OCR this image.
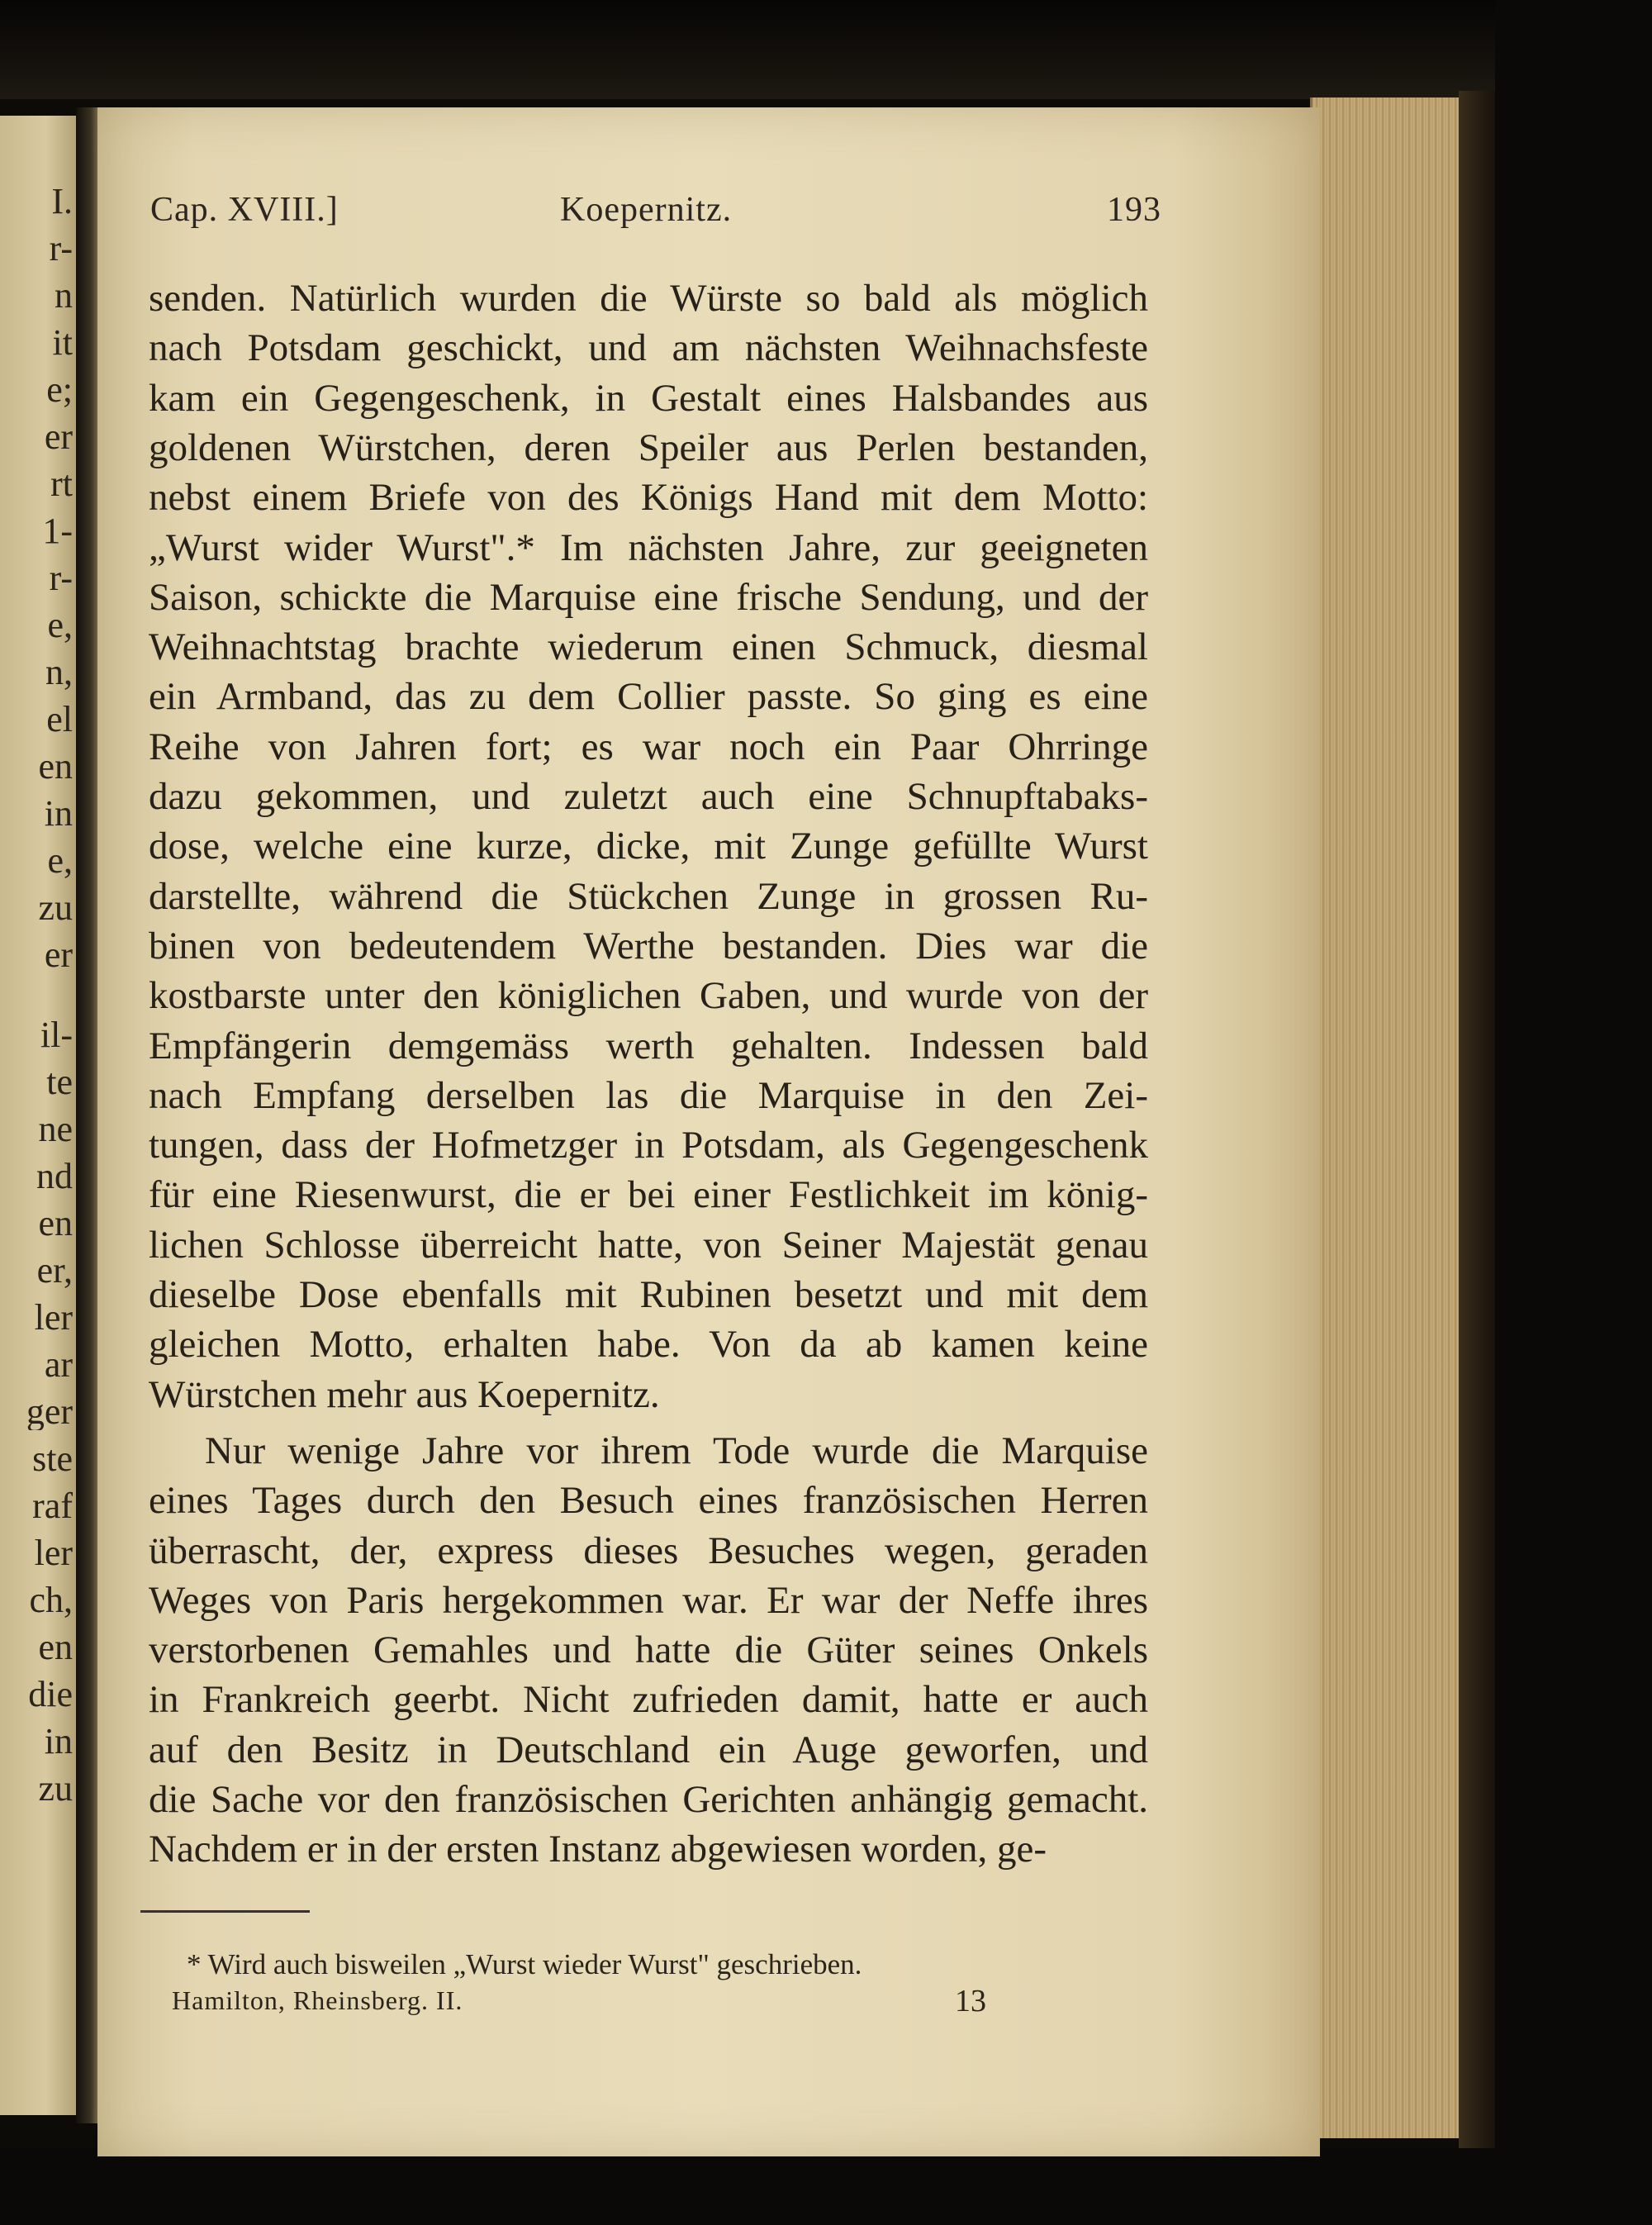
I.
r-
n
it
e;
er
rt
1-
r-
e,
n,
el
en
in
e,
zu
er
il-
te
ne
nd
en
er,
ler
ar
ger
ste
raf
ler
ch,
en
die
in
zu
Cap. XVIII.]	Koepernitz.	193
senden. Natürlich wurden die Würste so bald als möglich
nach Potsdam geschickt, und am nächsten Weihnachsfeste
kam ein Gegengeschenk, in Gestalt eines Halsbandes aus
goldenen Würstchen, deren Speiler aus Perlen bestanden,
nebst einem Briefe von des Königs Hand mit dem Motto:
„Wurst wider Wurst".* Im nächsten Jahre, zur geeigneten
Saison, schickte die Marquise eine frische Sendung, und der
Weihnachtstag brachte wiederum einen Schmuck, diesmal
ein Armband, das zu dem Collier passte. So ging es eine
Reihe von Jahren fort; es war noch ein Paar Ohrringe
dazu gekommen, und zuletzt auch eine Schnupftabaks-
dose, welche eine kurze, dicke, mit Zunge gefüllte Wurst
darstellte, während die Stückchen Zunge in grossen Ru-
binen von bedeutendem Werthe bestanden. Dies war die
kostbarste unter den königlichen Gaben, und wurde von der
Empfängerin demgemäss werth gehalten. Indessen bald
nach Empfang derselben las die Marquise in den Zei-
tungen, dass der Hofmetzger in Potsdam, als Gegengeschenk
für eine Riesenwurst, die er bei einer Festlichkeit im könig-
lichen Schlosse überreicht hatte, von Seiner Majestät genau
dieselbe Dose ebenfalls mit Rubinen besetzt und mit dem
gleichen Motto, erhalten habe. Von da ab kamen keine
Würstchen mehr aus Koepernitz.
Nur wenige Jahre vor ihrem Tode wurde die Marquise
eines Tages durch den Besuch eines französischen Herren
überrascht, der, express dieses Besuches wegen, geraden
Weges von Paris hergekommen war. Er war der Neffe ihres
verstorbenen Gemahles und hatte die Güter seines Onkels
in Frankreich geerbt. Nicht zufrieden damit, hatte er auch
auf den Besitz in Deutschland ein Auge geworfen, und
die Sache vor den französischen Gerichten anhängig gemacht.
Nachdem er in der ersten Instanz abgewiesen worden, ge-
* Wird auch bisweilen „Wurst wieder Wurst" geschrieben.
Hamilton, Rheinsberg. II.	13
